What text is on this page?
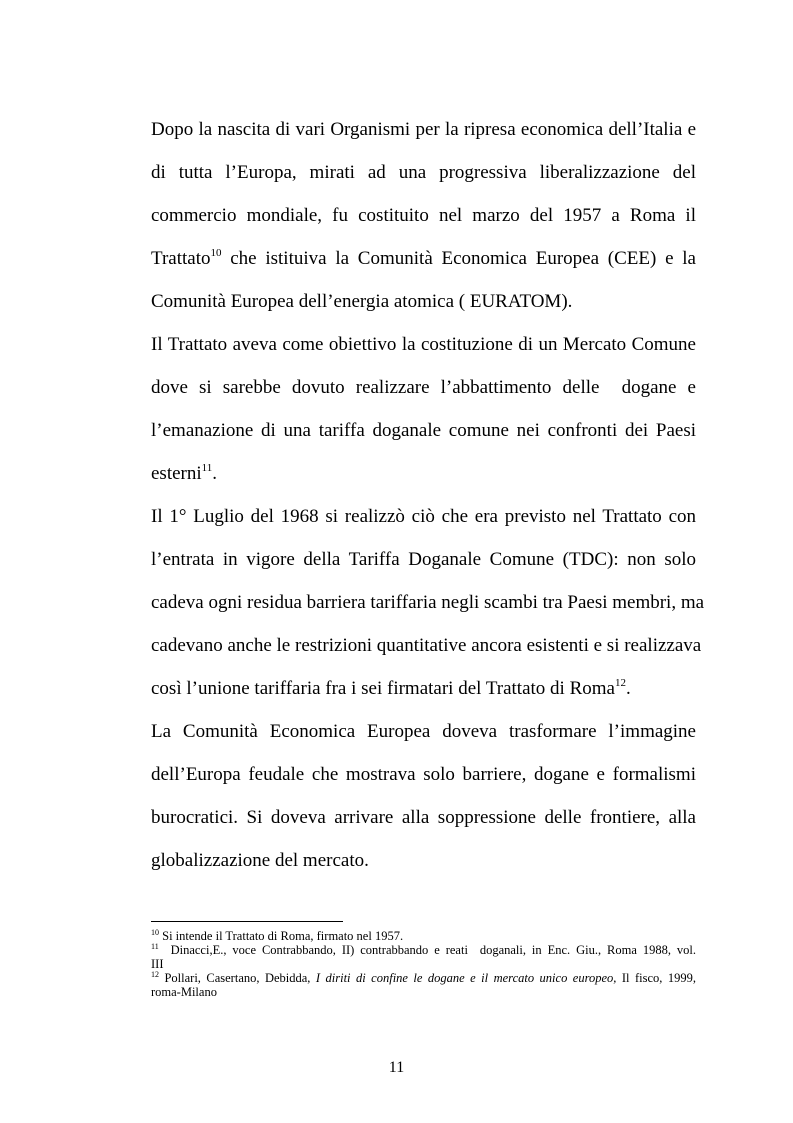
Dopo la nascita di vari Organismi per la ripresa economica dell’Italia e
di tutta l’Europa, mirati ad una progressiva liberalizzazione del
commercio mondiale, fu costituito nel marzo del 1957 a Roma il
Trattato$^{10}$ che istituiva la Comunità Economica Europea (CEE) e la
Comunità Europea dell’energia atomica ( EURATOM).
Il Trattato aveva come obiettivo la costituzione di un Mercato Comune
dove si sarebbe dovuto realizzare l’abbattimento delle  dogane e
l’emanazione di una tariffa doganale comune nei confronti dei Paesi
esterni$^{11}$.
Il 1° Luglio del 1968 si realizzò ciò che era previsto nel Trattato con
l’entrata in vigore della Tariffa Doganale Comune (TDC): non solo
cadeva ogni residua barriera tariffaria negli scambi tra Paesi membri, ma
cadevano anche le restrizioni quantitative ancora esistenti e si realizzava
così l’unione tariffaria fra i sei firmatari del Trattato di Roma$^{12}$.
La Comunità Economica Europea doveva trasformare l’immagine
dell’Europa feudale che mostrava solo barriere, dogane e formalismi
burocratici. Si doveva arrivare alla soppressione delle frontiere, alla
globalizzazione del mercato.
$^{10}$ Si intende il Trattato di Roma, firmato nel 1957.
$^{11}$  Dinacci,E., voce Contrabbando, II) contrabbando e reati  doganali, in Enc. Giu., Roma 1988, vol.
III
$^{12}$ Pollari, Casertano, Debidda, I diriti di confine le dogane e il mercato unico europeo, Il fisco, 1999,
roma-Milano
11
